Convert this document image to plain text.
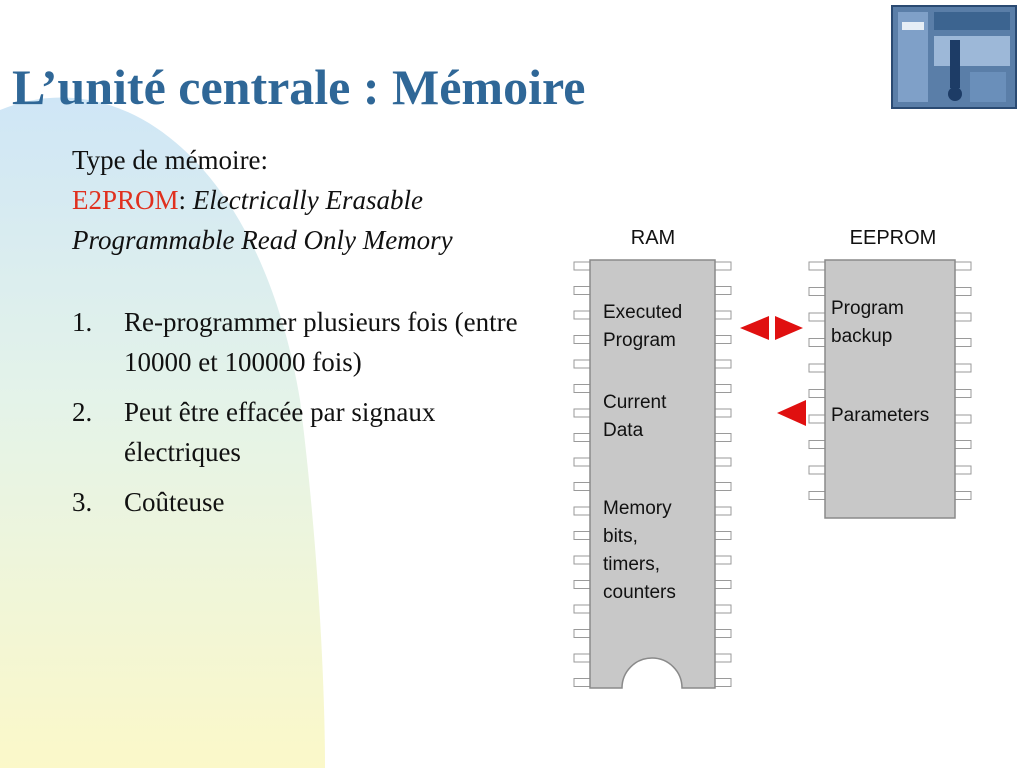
L’unité centrale : Mémoire

Type de mémoire:

E2PROM: Electrically Erasable Programmable Read Only Memory

1. Re-programmer plusieurs fois (entre 10000 et 100000 fois)
2. Peut être effacée par signaux électriques
3. Coûteuse
RAM	EEPROM
Executed
Program
Current
Data
Memory
bits,
timers,
counters
Program
backup
Parameters
